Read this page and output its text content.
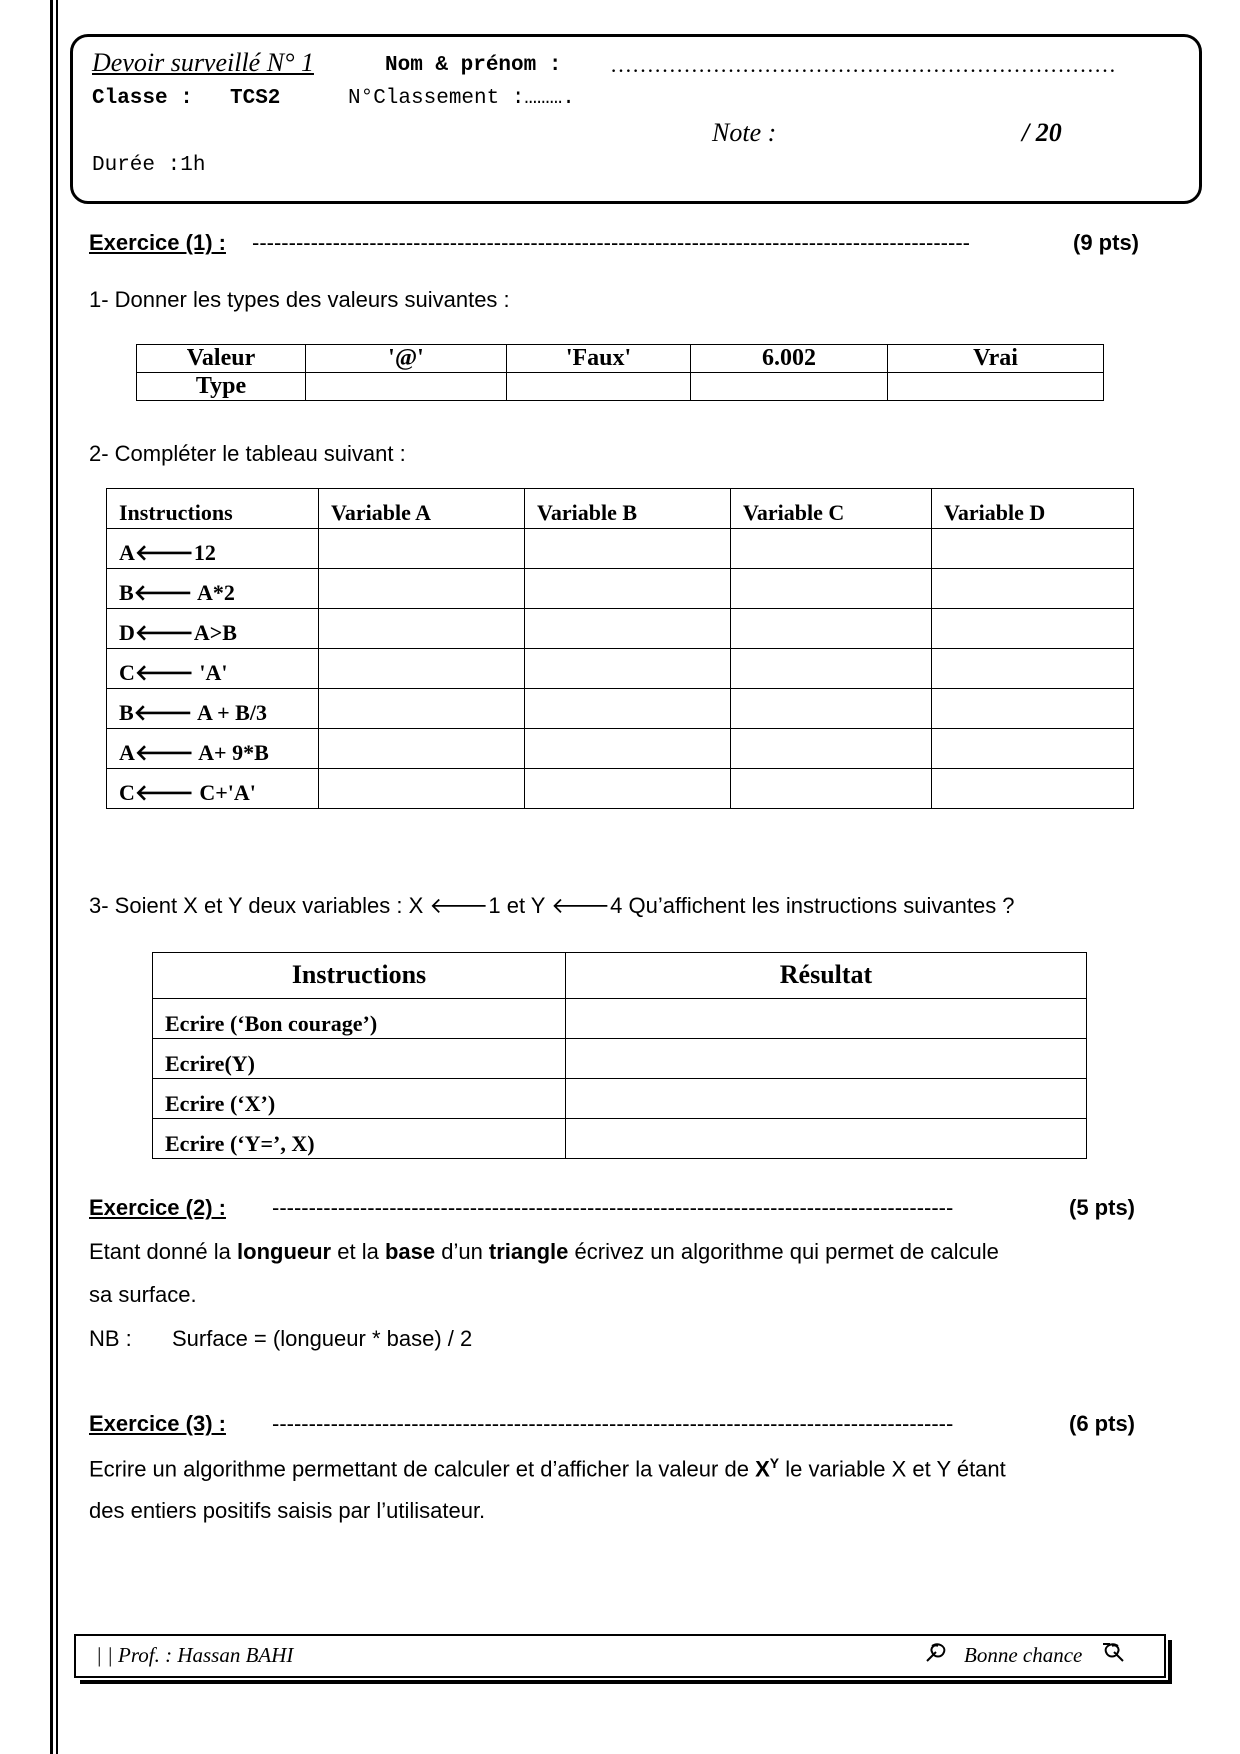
Devoir surveillé N° 1	Nom & prénom : ……………………………………………………………
Classe : TCS2	N°Classement :……….
Note :	/ 20
Durée :1h
Exercice (1) : --------------------------------------------------------------------------------------------------	(9 pts)
1- Donner les types des valeurs suivantes :
Valeur	'@'	'Faux'	6.002	Vrai
Type				
2- Compléter le tableau suivant :
Instructions	Variable A	Variable B	Variable C	Variable D
A🡐12				
B🡐 A*2				
D🡐A>B				
C🡐 'A'				
B🡐 A + B/3				
A🡐 A+ 9*B				
C🡐 C+'A'				
3- Soient X et Y deux variables : X 🡐1 et Y 🡐4 Qu’affichent les instructions suivantes ?
Instructions	Résultat
Ecrire (‘Bon courage’)	
Ecrire(Y)	
Ecrire (‘X’)	
Ecrire (‘Y=’, X)	
Exercice (2) : ---------------------------------------------------------------------------------------------	(5 pts)
Etant donné la longueur et la base d’un triangle écrivez un algorithme qui permet de calcule
sa surface.
NB : Surface = (longueur * base) / 2
Exercice (3) : ---------------------------------------------------------------------------------------------	(6 pts)
Ecrire un algorithme permettant de calculer et d’afficher la valeur de $X^Y$ le variable X et Y étant
des entiers positifs saisis par l’utilisateur.
| | Prof. : Hassan BAHI	Bonne chance
